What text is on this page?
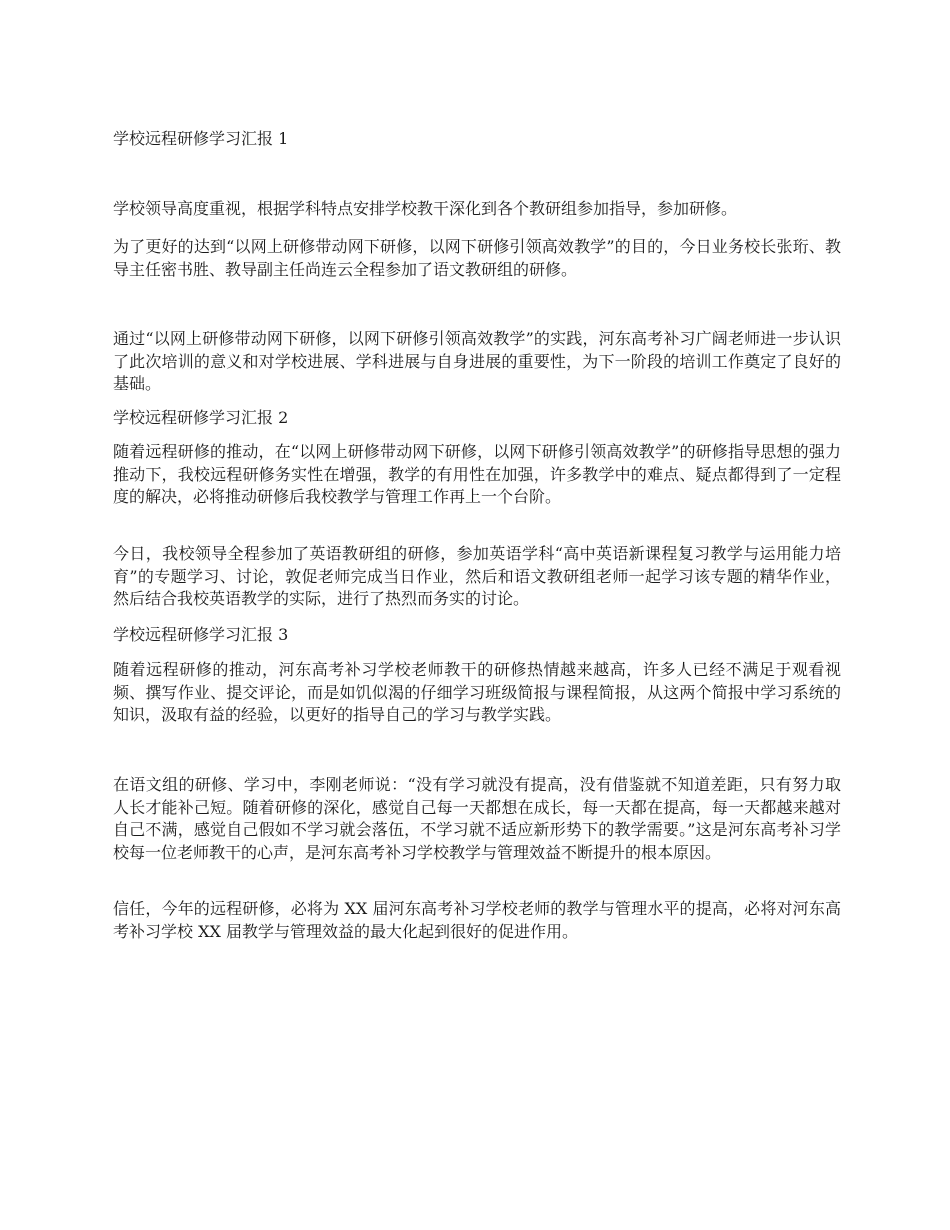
学校远程研修学习汇报 1

学校领导高度重视，根据学科特点安排学校教干深化到各个教研组参加指导，参加研修。

为了更好的达到“以网上研修带动网下研修，以网下研修引领高效教学”的目的，今日业务校长张珩、教导主任密书胜、教导副主任尚连云全程参加了语文教研组的研修。

通过“以网上研修带动网下研修，以网下研修引领高效教学”的实践，河东高考补习广阔老师进一步认识了此次培训的意义和对学校进展、学科进展与自身进展的重要性，为下一阶段的培训工作奠定了良好的基础。

学校远程研修学习汇报 2

随着远程研修的推动，在“以网上研修带动网下研修，以网下研修引领高效教学”的研修指导思想的强力推动下，我校远程研修务实性在增强，教学的有用性在加强，许多教学中的难点、疑点都得到了一定程度的解决，必将推动研修后我校教学与管理工作再上一个台阶。

今日，我校领导全程参加了英语教研组的研修，参加英语学科“高中英语新课程复习教学与运用能力培育”的专题学习、讨论，敦促老师完成当日作业，然后和语文教研组老师一起学习该专题的精华作业，然后结合我校英语教学的实际，进行了热烈而务实的讨论。

学校远程研修学习汇报 3

随着远程研修的推动，河东高考补习学校老师教干的研修热情越来越高，许多人已经不满足于观看视频、撰写作业、提交评论，而是如饥似渴的仔细学习班级简报与课程简报，从这两个简报中学习系统的知识，汲取有益的经验，以更好的指导自己的学习与教学实践。

在语文组的研修、学习中，李刚老师说：“没有学习就没有提高，没有借鉴就不知道差距，只有努力取人长才能补己短。随着研修的深化，感觉自己每一天都想在成长，每一天都在提高，每一天都越来越对自己不满，感觉自己假如不学习就会落伍，不学习就不适应新形势下的教学需要。”这是河东高考补习学校每一位老师教干的心声，是河东高考补习学校教学与管理效益不断提升的根本原因。

信任，今年的远程研修，必将为 XX 届河东高考补习学校老师的教学与管理水平的提高，必将对河东高考补习学校 XX 届教学与管理效益的最大化起到很好的促进作用。
